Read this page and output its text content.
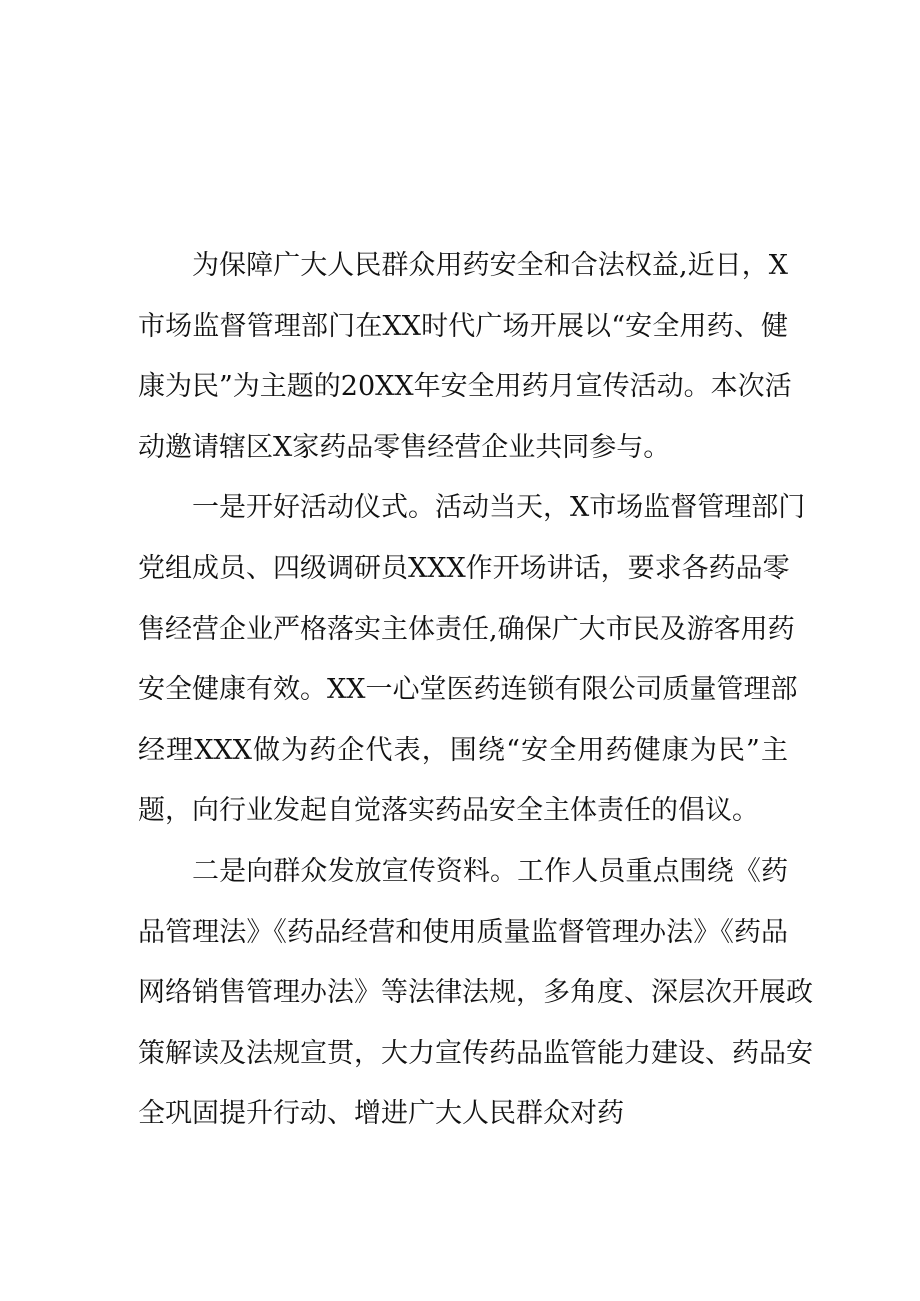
为保障广大人民群众用药安全和合法权益,近日，X
市场监督管理部门在XX时代广场开展以“安全用药、健
康为民”为主题的20XX年安全用药月宣传活动。本次活
动邀请辖区X家药品零售经营企业共同参与。
一是开好活动仪式。活动当天，X市场监督管理部门
党组成员、四级调研员XXX作开场讲话，要求各药品零
售经营企业严格落实主体责任,确保广大市民及游客用药
安全健康有效。XX一心堂医药连锁有限公司质量管理部
经理XXX做为药企代表，围绕“安全用药健康为民”主
题，向行业发起自觉落实药品安全主体责任的倡议。
二是向群众发放宣传资料。工作人员重点围绕《药
品管理法》《药品经营和使用质量监督管理办法》《药品
网络销售管理办法》等法律法规，多角度、深层次开展政
策解读及法规宣贯，大力宣传药品监管能力建设、药品安
全巩固提升行动、增进广大人民群众对药
